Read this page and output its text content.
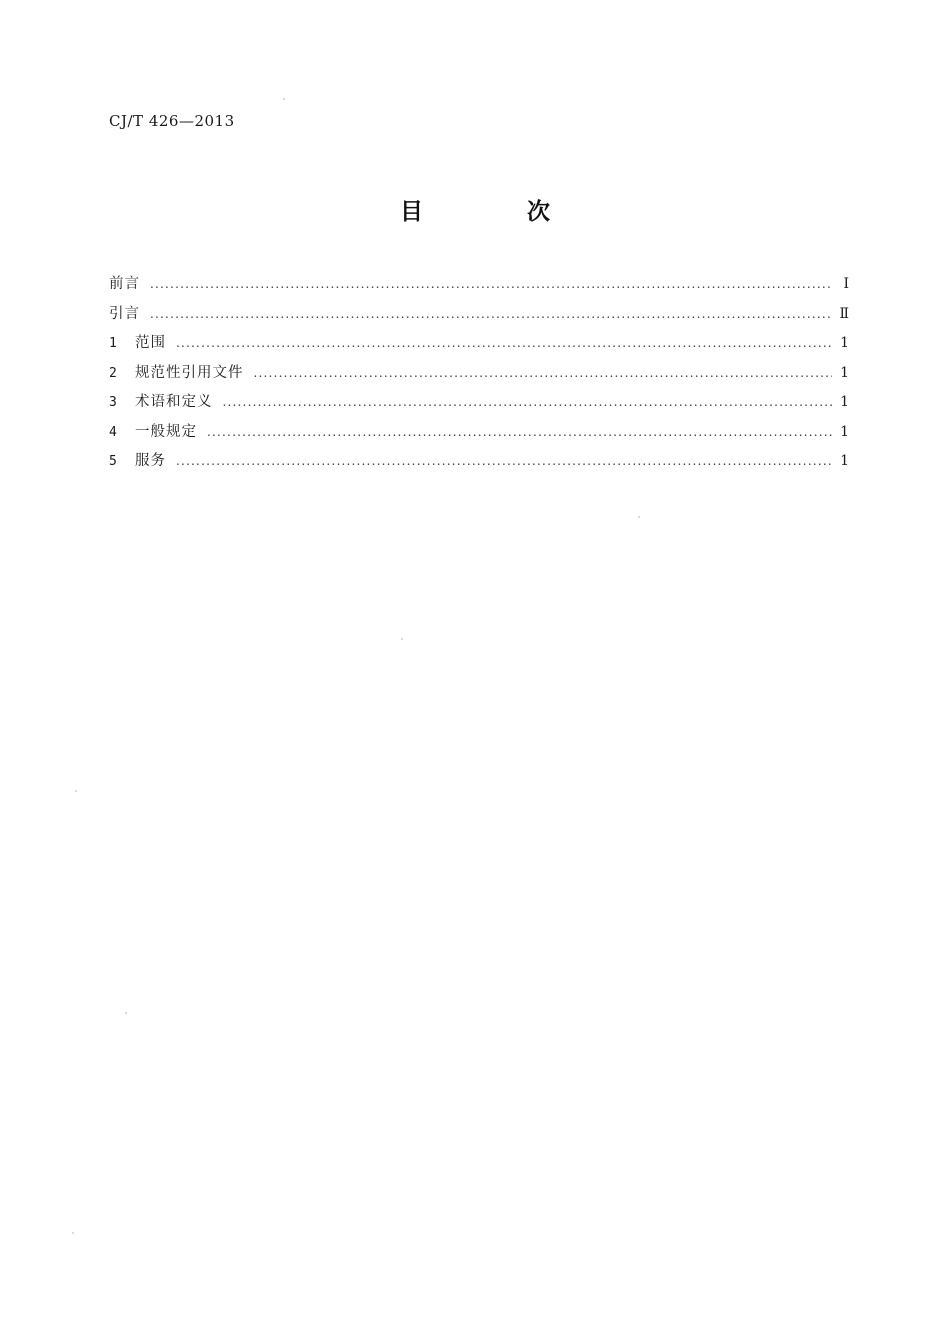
CJ/T 426—2013
目 次
前言 .....	Ⅰ
引言 .....	Ⅱ
1	范围 .....	1
2	规范性引用文件 .....	1
3	术语和定义 .....	1
4	一般规定 .....	1
5	服务 .....	1
